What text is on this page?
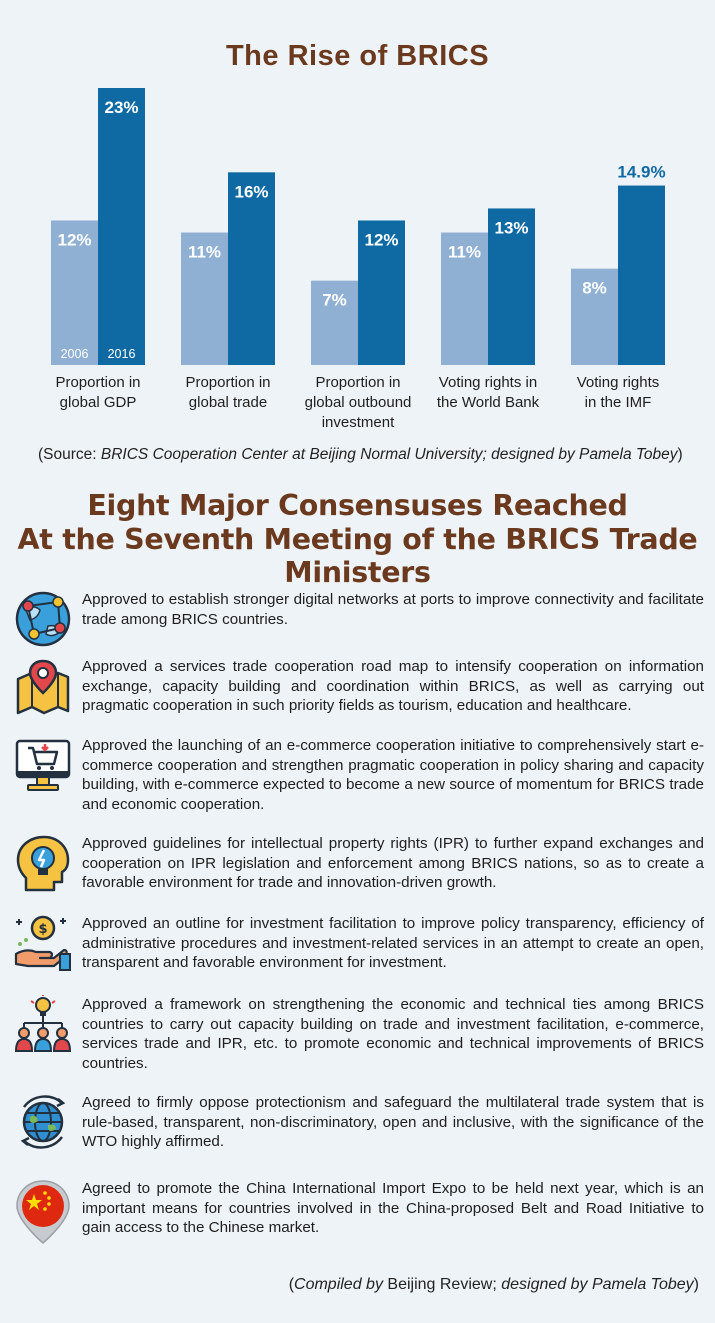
The Rise of BRICS
12%
2006
23%
2016
Proportion in
global GDP
11%
16%
Proportion in
global trade
7%
12%
Proportion in
global outbound
investment
11%
13%
Voting rights in
the World Bank
8%
14.9%
Voting rights
in the IMF
(Source: BRICS Cooperation Center at Beijing Normal University; designed by Pamela Tobey)
Eight Major Consensuses Reached
At the Seventh Meeting of the BRICS Trade Ministers
Approved to establish stronger digital networks at ports to improve connectivity and facilitate trade among BRICS countries.
Approved a services trade cooperation road map to intensify cooperation on information exchange, capacity building and coordination within BRICS, as well as carrying out pragmatic cooperation in such priority fields as tourism, education and healthcare.
Approved the launching of an e-commerce cooperation initiative to comprehensively start e-commerce cooperation and strengthen pragmatic cooperation in policy sharing and capacity building, with e-commerce expected to become a new source of momentum for BRICS trade and economic cooperation.
Approved guidelines for intellectual property rights (IPR) to further expand exchanges and cooperation on IPR legislation and enforcement among BRICS nations, so as to create a favorable environment for trade and innovation-driven growth.
$ Approved an outline for investment facilitation to improve policy transparency, efficiency of administrative procedures and investment-related services in an attempt to create an open, transparent and favorable environment for investment.
Approved a framework on strengthening the economic and technical ties among BRICS countries to carry out capacity building on trade and investment facilitation, e-commerce, services trade and IPR, etc. to promote economic and technical improvements of BRICS countries.
Agreed to firmly oppose protectionism and safeguard the multilateral trade system that is rule-based, transparent, non-discriminatory, open and inclusive, with the significance of the WTO highly affirmed.
Agreed to promote the China International Import Expo to be held next year, which is an important means for countries involved in the China-proposed Belt and Road Initiative to gain access to the Chinese market.
(Compiled by Beijing Review; designed by Pamela Tobey)
